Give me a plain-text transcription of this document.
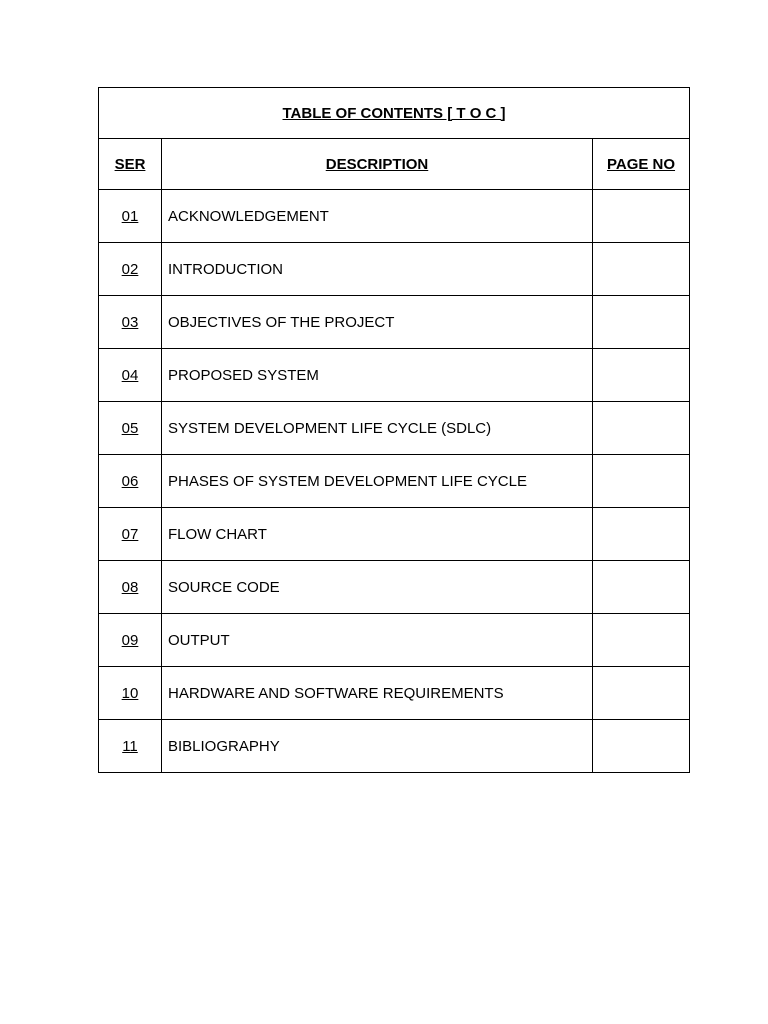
TABLE OF CONTENTS [ T O C ]		
SER	DESCRIPTION	PAGE NO
01	ACKNOWLEDGEMENT	
02	INTRODUCTION	
03	OBJECTIVES OF THE PROJECT	
04	PROPOSED SYSTEM	
05	SYSTEM DEVELOPMENT LIFE CYCLE (SDLC)	
06	PHASES OF SYSTEM DEVELOPMENT LIFE CYCLE	
07	FLOW CHART	
08	SOURCE CODE	
09	OUTPUT	
10	HARDWARE AND SOFTWARE REQUIREMENTS	
11	BIBLIOGRAPHY	
